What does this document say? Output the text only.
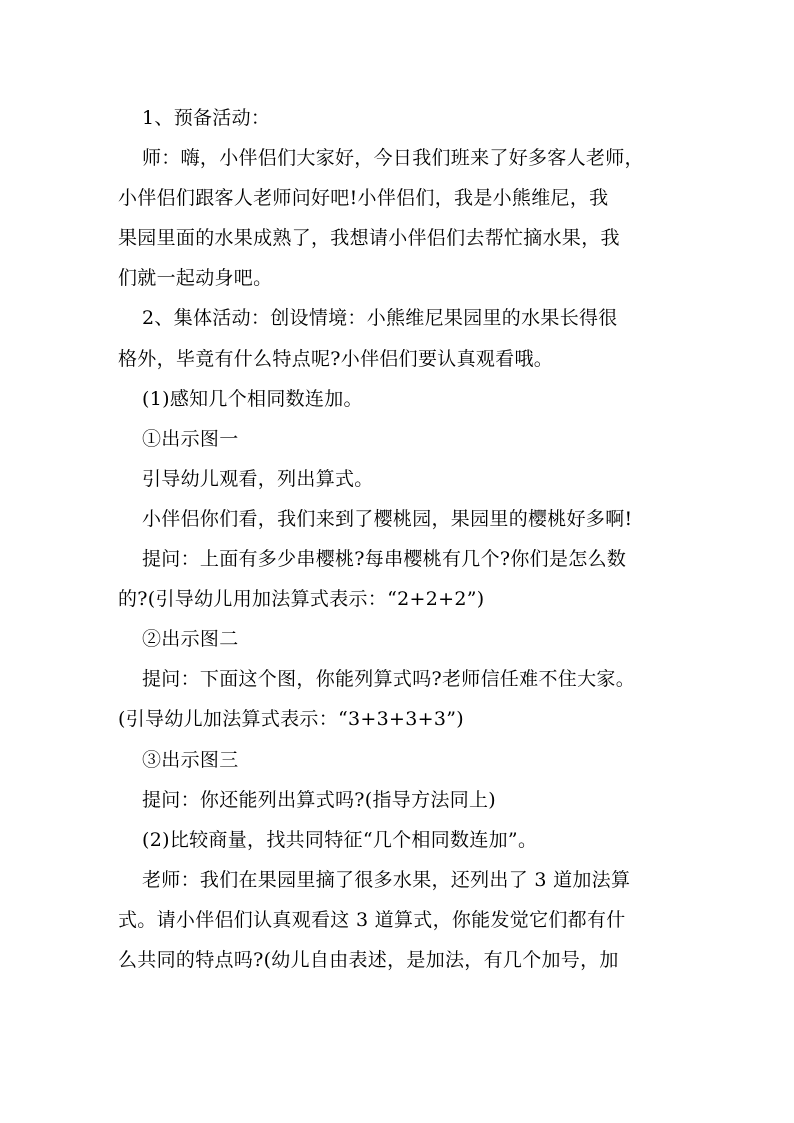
1、预备活动：
师：嗨，小伴侣们大家好，今日我们班来了好多客人老师，
小伴侣们跟客人老师问好吧!小伴侣们，我是小熊维尼，我
果园里面的水果成熟了，我想请小伴侣们去帮忙摘水果，我
们就一起动身吧。
2、集体活动：创设情境：小熊维尼果园里的水果长得很
格外，毕竟有什么特点呢?小伴侣们要认真观看哦。
(1)感知几个相同数连加。
①出示图一
引导幼儿观看，列出算式。
小伴侣你们看，我们来到了樱桃园，果园里的樱桃好多啊!
提问：上面有多少串樱桃?每串樱桃有几个?你们是怎么数
的?(引导幼儿用加法算式表示：“2+2+2”)
②出示图二
提问：下面这个图，你能列算式吗?老师信任难不住大家。
(引导幼儿加法算式表示：“3+3+3+3”)
③出示图三
提问：你还能列出算式吗?(指导方法同上)
(2)比较商量，找共同特征“几个相同数连加”。
老师：我们在果园里摘了很多水果，还列出了 3 道加法算
式。请小伴侣们认真观看这 3 道算式，你能发觉它们都有什
么共同的特点吗?(幼儿自由表述，是加法，有几个加号，加
